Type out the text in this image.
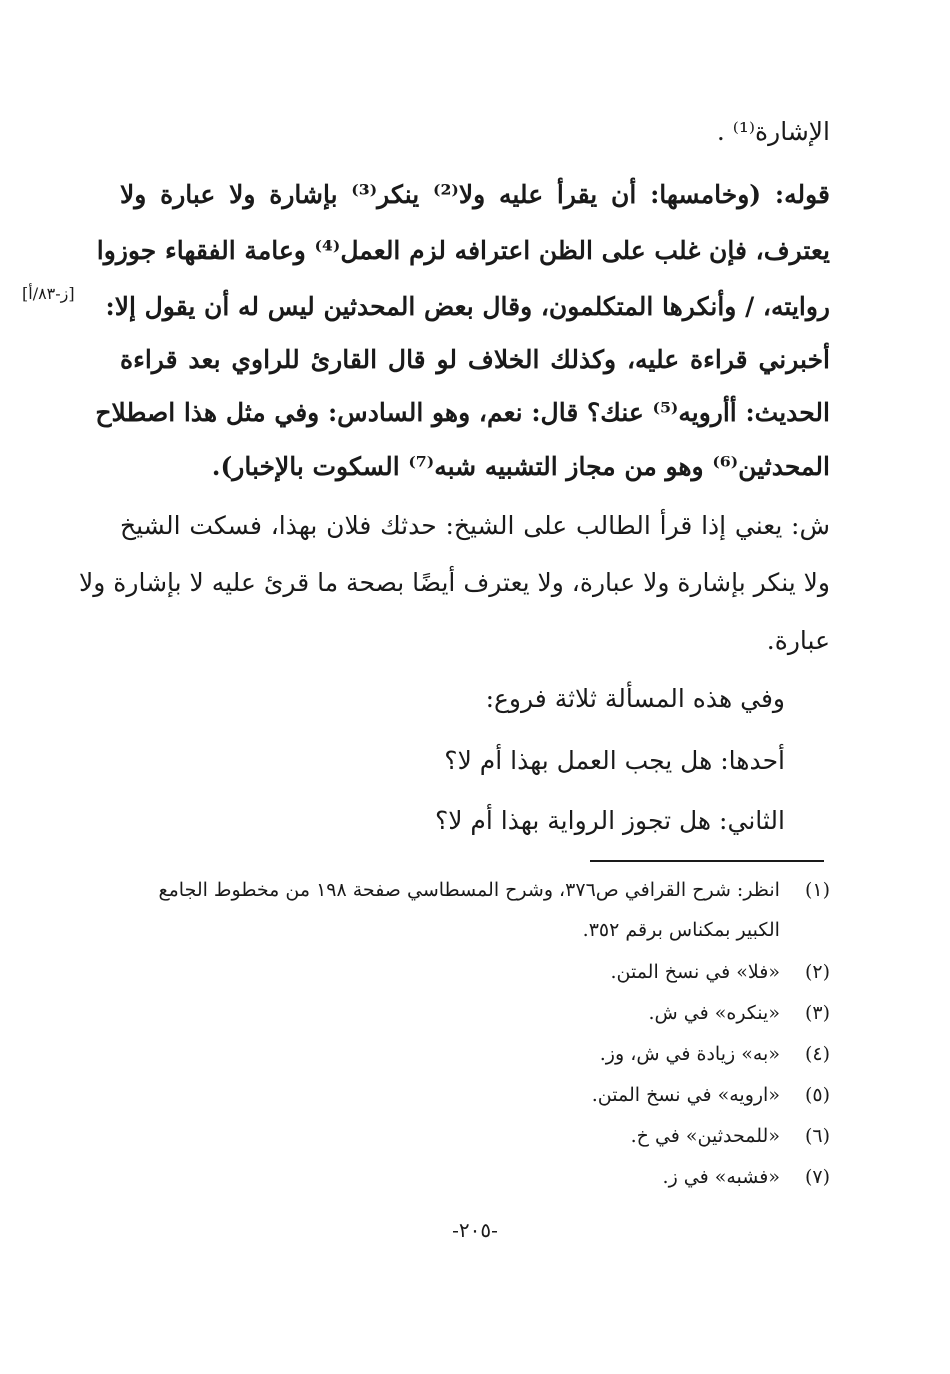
الإشارة⁽¹⁾ .
قوله: (وخامسها: أن يقرأ عليه ولا⁽²⁾ ينكر⁽³⁾ بإشارة ولا عبارة ولا
يعترف، فإن غلب على الظن اعترافه لزم العمل⁽⁴⁾ وعامة الفقهاء جوزوا
روايته، / وأنكرها المتكلمون، وقال بعض المحدثين ليس له أن يقول إلا:
أخبرني قراءة عليه، وكذلك الخلاف لو قال القارئ للراوي بعد قراءة
الحديث: أأرويه⁽⁵⁾ عنك؟ قال: نعم، وهو السادس: وفي مثل هذا اصطلاح
المحدثين⁽⁶⁾ وهو من مجاز التشبيه شبه⁽⁷⁾ السكوت بالإخبار).
ش: يعني إذا قرأ الطالب على الشيخ: حدثك فلان بهذا، فسكت الشيخ
ولا ينكر بإشارة ولا عبارة، ولا يعترف أيضًا بصحة ما قرئ عليه لا بإشارة ولا
عبارة.
وفي هذه المسألة ثلاثة فروع:
أحدها: هل يجب العمل بهذا أم لا؟
الثاني: هل تجوز الرواية بهذا أم لا؟
[ز-٨٣/أ]
(١) انظر: شرح القرافي ص٣٧٦، وشرح المسطاسي صفحة ١٩٨ من مخطوط الجامع
الكبير بمكناس برقم ٣٥٢.
(٢) «فلا» في نسخ المتن.
(٣) «ينكره» في ش.
(٤) «به» زيادة في ش، وز.
(٥) «ارويه» في نسخ المتن.
(٦) «للمحدثين» في خ.
(٧) «فشبه» في ز.
-٢٠٥-
